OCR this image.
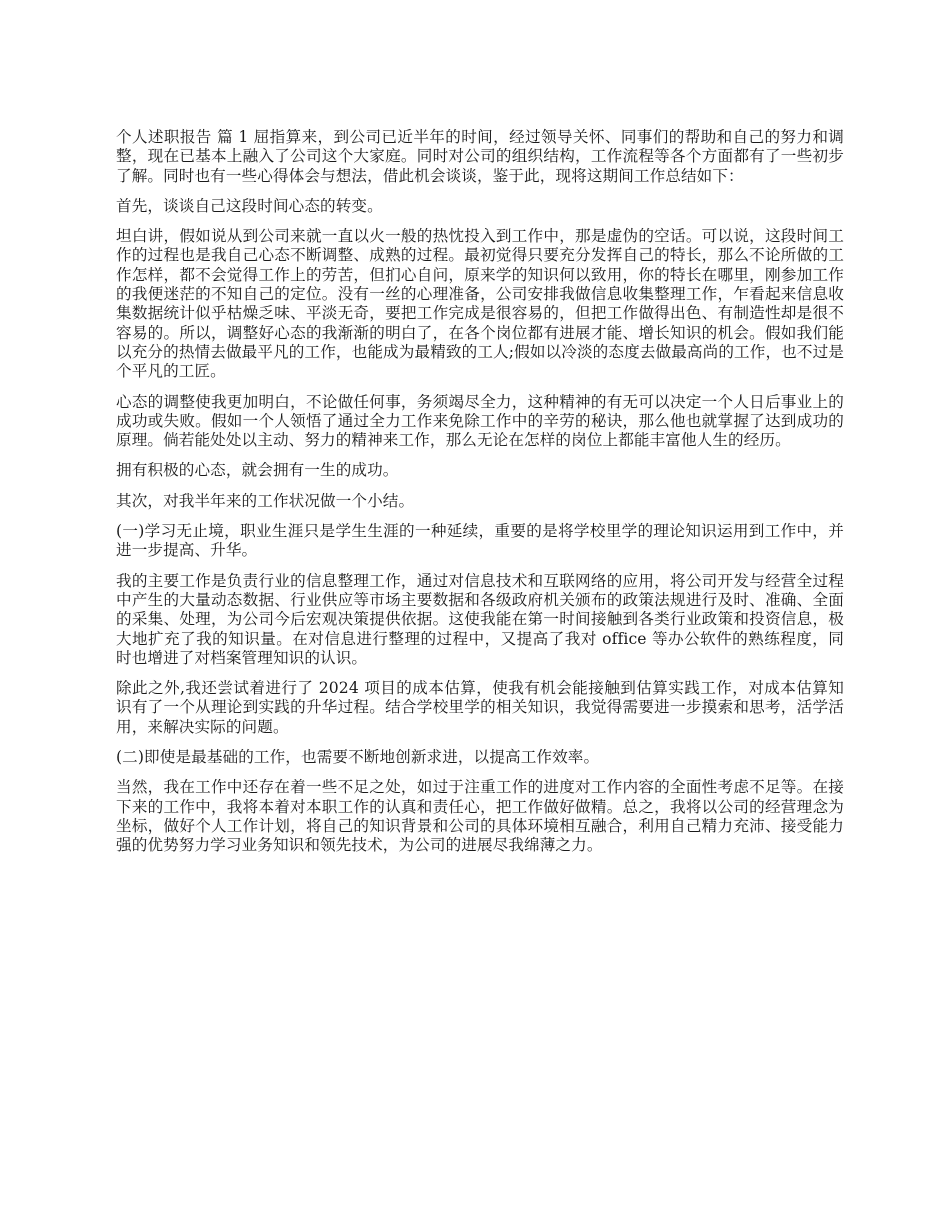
个人述职报告 篇 1 屈指算来，到公司已近半年的时间，经过领导关怀、同事们的帮助和自己的努力和调整，现在已基本上融入了公司这个大家庭。同时对公司的组织结构，工作流程等各个方面都有了一些初步了解。同时也有一些心得体会与想法，借此机会谈谈，鉴于此，现将这期间工作总结如下：

首先，谈谈自己这段时间心态的转变。

坦白讲，假如说从到公司来就一直以火一般的热忱投入到工作中，那是虚伪的空话。可以说，这段时间工作的过程也是我自己心态不断调整、成熟的过程。最初觉得只要充分发挥自己的特长，那么不论所做的工作怎样，都不会觉得工作上的劳苦，但扪心自问，原来学的知识何以致用，你的特长在哪里，刚参加工作的我便迷茫的不知自己的定位。没有一丝的心理准备，公司安排我做信息收集整理工作，乍看起来信息收集数据统计似乎枯燥乏味、平淡无奇，要把工作完成是很容易的，但把工作做得出色、有制造性却是很不容易的。所以，调整好心态的我渐渐的明白了，在各个岗位都有进展才能、增长知识的机会。假如我们能以充分的热情去做最平凡的工作，也能成为最精致的工人;假如以冷淡的态度去做最高尚的工作，也不过是个平凡的工匠。

心态的调整使我更加明白，不论做任何事，务须竭尽全力，这种精神的有无可以决定一个人日后事业上的成功或失败。假如一个人领悟了通过全力工作来免除工作中的辛劳的秘诀，那么他也就掌握了达到成功的原理。倘若能处处以主动、努力的精神来工作，那么无论在怎样的岗位上都能丰富他人生的经历。

拥有积极的心态，就会拥有一生的成功。

其次，对我半年来的工作状况做一个小结。

(一)学习无止境，职业生涯只是学生生涯的一种延续，重要的是将学校里学的理论知识运用到工作中，并进一步提高、升华。

我的主要工作是负责行业的信息整理工作，通过对信息技术和互联网络的应用，将公司开发与经营全过程中产生的大量动态数据、行业供应等市场主要数据和各级政府机关颁布的政策法规进行及时、准确、全面的采集、处理，为公司今后宏观决策提供依据。这使我能在第一时间接触到各类行业政策和投资信息，极大地扩充了我的知识量。在对信息进行整理的过程中，又提高了我对 office 等办公软件的熟练程度，同时也增进了对档案管理知识的认识。

除此之外,我还尝试着进行了 2024 项目的成本估算，使我有机会能接触到估算实践工作，对成本估算知识有了一个从理论到实践的升华过程。结合学校里学的相关知识，我觉得需要进一步摸索和思考，活学活用，来解决实际的问题。

(二)即使是最基础的工作，也需要不断地创新求进，以提高工作效率。

当然，我在工作中还存在着一些不足之处，如过于注重工作的进度对工作内容的全面性考虑不足等。在接下来的工作中，我将本着对本职工作的认真和责任心，把工作做好做精。总之，我将以公司的经营理念为坐标，做好个人工作计划，将自己的知识背景和公司的具体环境相互融合，利用自己精力充沛、接受能力强的优势努力学习业务知识和领先技术，为公司的进展尽我绵薄之力。
